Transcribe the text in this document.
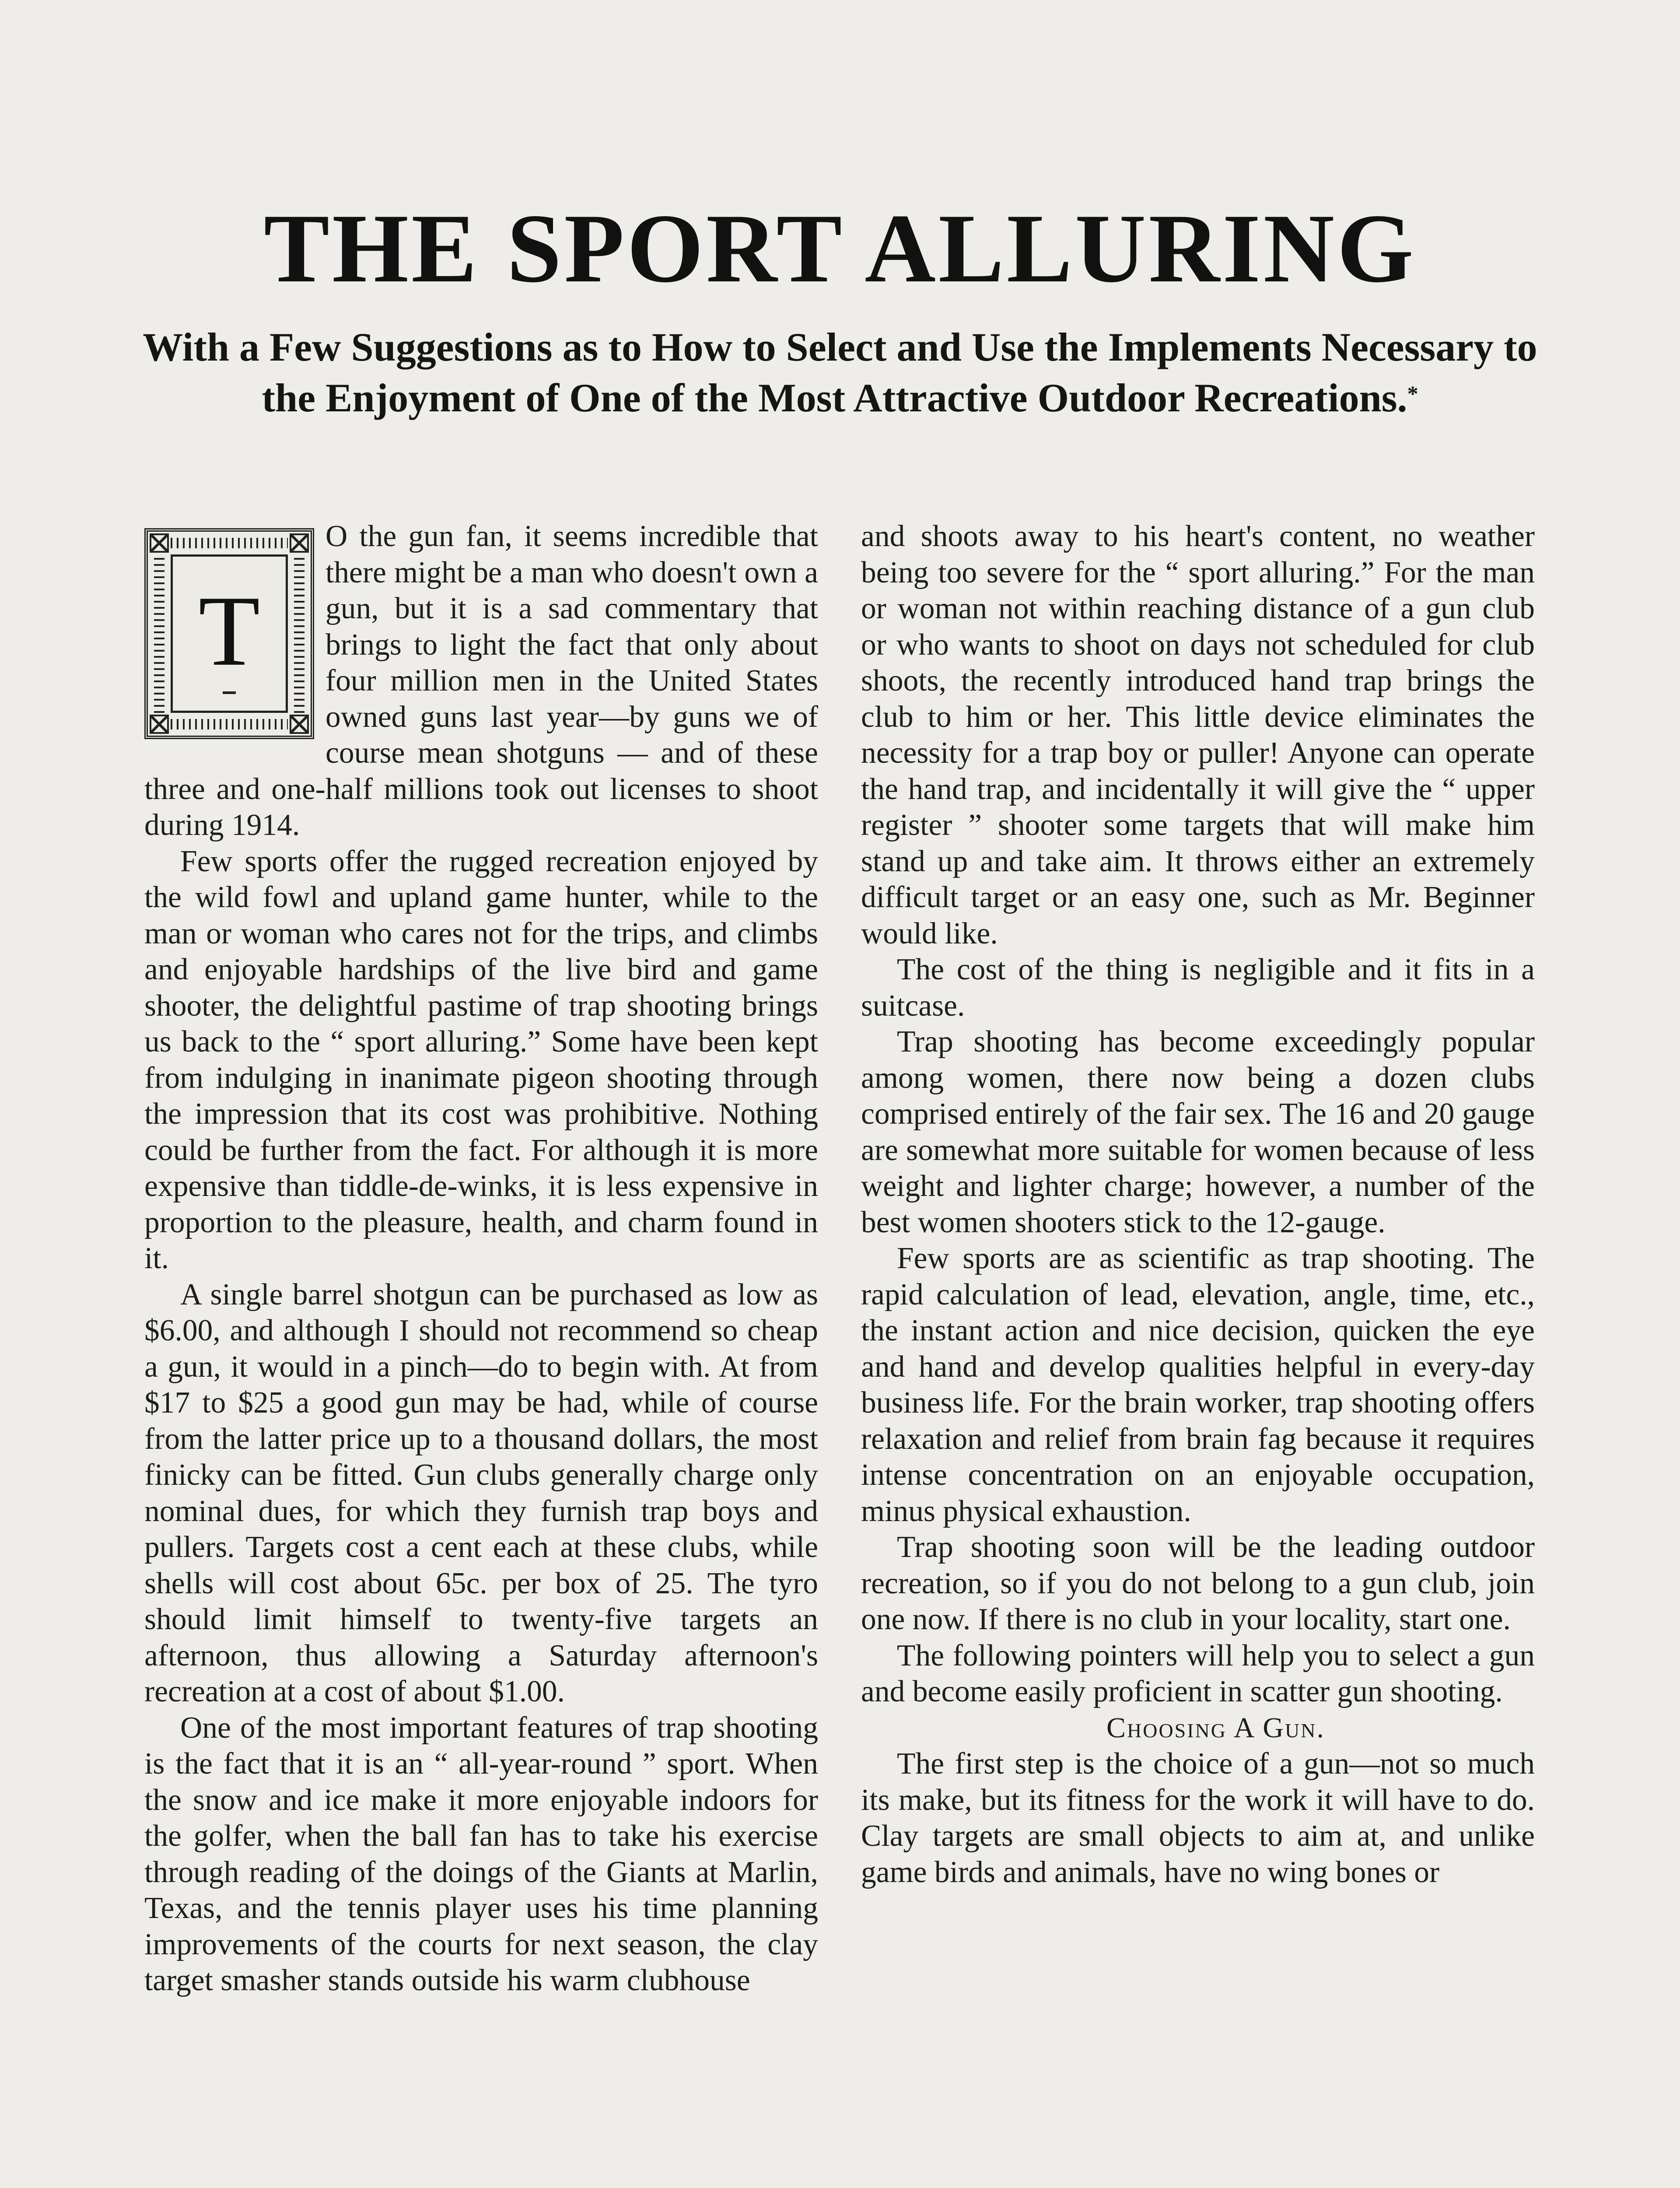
THE SPORT ALLURING
With a Few Suggestions as to How to Select and Use the Implements Necessary to the Enjoyment of One of the Most Attractive Outdoor Recreations.*
T

O the gun fan, it seems incredible that there might be a man who doesn't own a gun, but it is a sad commentary that brings to light the fact that only about four million men in the United States owned guns last year—by guns we of course mean shotguns — and of these three and one-half millions took out licenses to shoot during 1914.

Few sports offer the rugged recreation enjoyed by the wild fowl and upland game hunter, while to the man or woman who cares not for the trips, and climbs and enjoyable hardships of the live bird and game shooter, the delightful pastime of trap shooting brings us back to the “ sport alluring.” Some have been kept from indulging in inanimate pigeon shooting through the impression that its cost was prohibitive. Nothing could be further from the fact. For although it is more expensive than tiddle-de-winks, it is less expensive in proportion to the pleasure, health, and charm found in it.

A single barrel shotgun can be purchased as low as $6.00, and although I should not recommend so cheap a gun, it would in a pinch—do to begin with. At from $17 to $25 a good gun may be had, while of course from the latter price up to a thousand dollars, the most finicky can be fitted. Gun clubs generally charge only nominal dues, for which they furnish trap boys and pullers. Targets cost a cent each at these clubs, while shells will cost about 65c. per box of 25. The tyro should limit himself to twenty-five targets an afternoon, thus allowing a Saturday afternoon's recreation at a cost of about $1.00.

One of the most important features of trap shooting is the fact that it is an “ all-year-round ” sport. When the snow and ice make it more enjoyable indoors for the golfer, when the ball fan has to take his exercise through reading of the doings of the Giants at Marlin, Texas, and the tennis player uses his time planning improvements of the courts for next season, the clay target smasher stands outside his warm clubhouse

and shoots away to his heart's content, no weather being too severe for the “ sport alluring.” For the man or woman not within reaching distance of a gun club or who wants to shoot on days not scheduled for club shoots, the recently introduced hand trap brings the club to him or her. This little device eliminates the necessity for a trap boy or puller! Anyone can operate the hand trap, and incidentally it will give the “ upper register ” shooter some targets that will make him stand up and take aim. It throws either an extremely difficult target or an easy one, such as Mr. Beginner would like.

The cost of the thing is negligible and it fits in a suitcase.

Trap shooting has become exceedingly popular among women, there now being a dozen clubs comprised entirely of the fair sex. The 16 and 20 gauge are somewhat more suitable for women because of less weight and lighter charge; however, a number of the best women shooters stick to the 12-gauge.

Few sports are as scientific as trap shooting. The rapid calculation of lead, elevation, angle, time, etc., the instant action and nice decision, quicken the eye and hand and develop qualities helpful in every-day business life. For the brain worker, trap shooting offers relaxation and relief from brain fag because it requires intense concentration on an enjoyable occupation, minus physical exhaustion.

Trap shooting soon will be the leading outdoor recreation, so if you do not belong to a gun club, join one now. If there is no club in your locality, start one.

The following pointers will help you to select a gun and become easily proficient in scatter gun shooting.

Choosing A Gun.

The first step is the choice of a gun—not so much its make, but its fitness for the work it will have to do. Clay targets are small objects to aim at, and unlike game birds and animals, have no wing bones or
